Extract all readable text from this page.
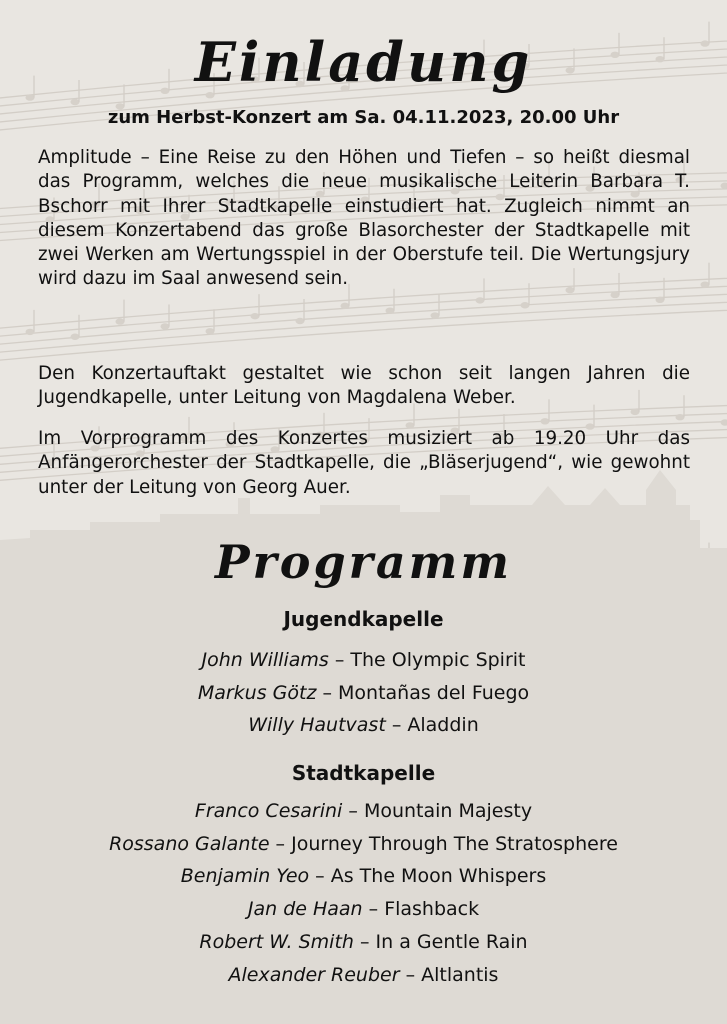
Einladung

zum Herbst-Konzert am Sa. 04.11.2023, 20.00 Uhr

Amplitude – Eine Reise zu den Höhen und Tiefen – so heißt diesmal das Programm, welches die neue musikalische Leiterin Barbara T. Bschorr mit Ihrer Stadtkapelle einstudiert hat. Zugleich nimmt an diesem Konzertabend das große Blasorchester der Stadtkapelle mit zwei Werken am Wertungsspiel in der Oberstufe teil. Die Wertungsjury wird dazu im Saal anwesend sein.

Den Konzertauftakt gestaltet wie schon seit langen Jahren die Jugendkapelle, unter Leitung von Magdalena Weber.

Im Vorprogramm des Konzertes musiziert ab 19.20 Uhr das Anfängerorchester der Stadtkapelle, die „Bläserjugend“, wie gewohnt unter der Leitung von Georg Auer.

Programm
Jugendkapelle
John Williams – The Olympic Spirit
Markus Götz – Montañas del Fuego
Willy Hautvast – Aladdin
Stadtkapelle
Franco Cesarini – Mountain Majesty
Rossano Galante – Journey Through The Stratosphere
Benjamin Yeo – As The Moon Whispers
Jan de Haan – Flashback
Robert W. Smith – In a Gentle Rain
Alexander Reuber – Altlantis
